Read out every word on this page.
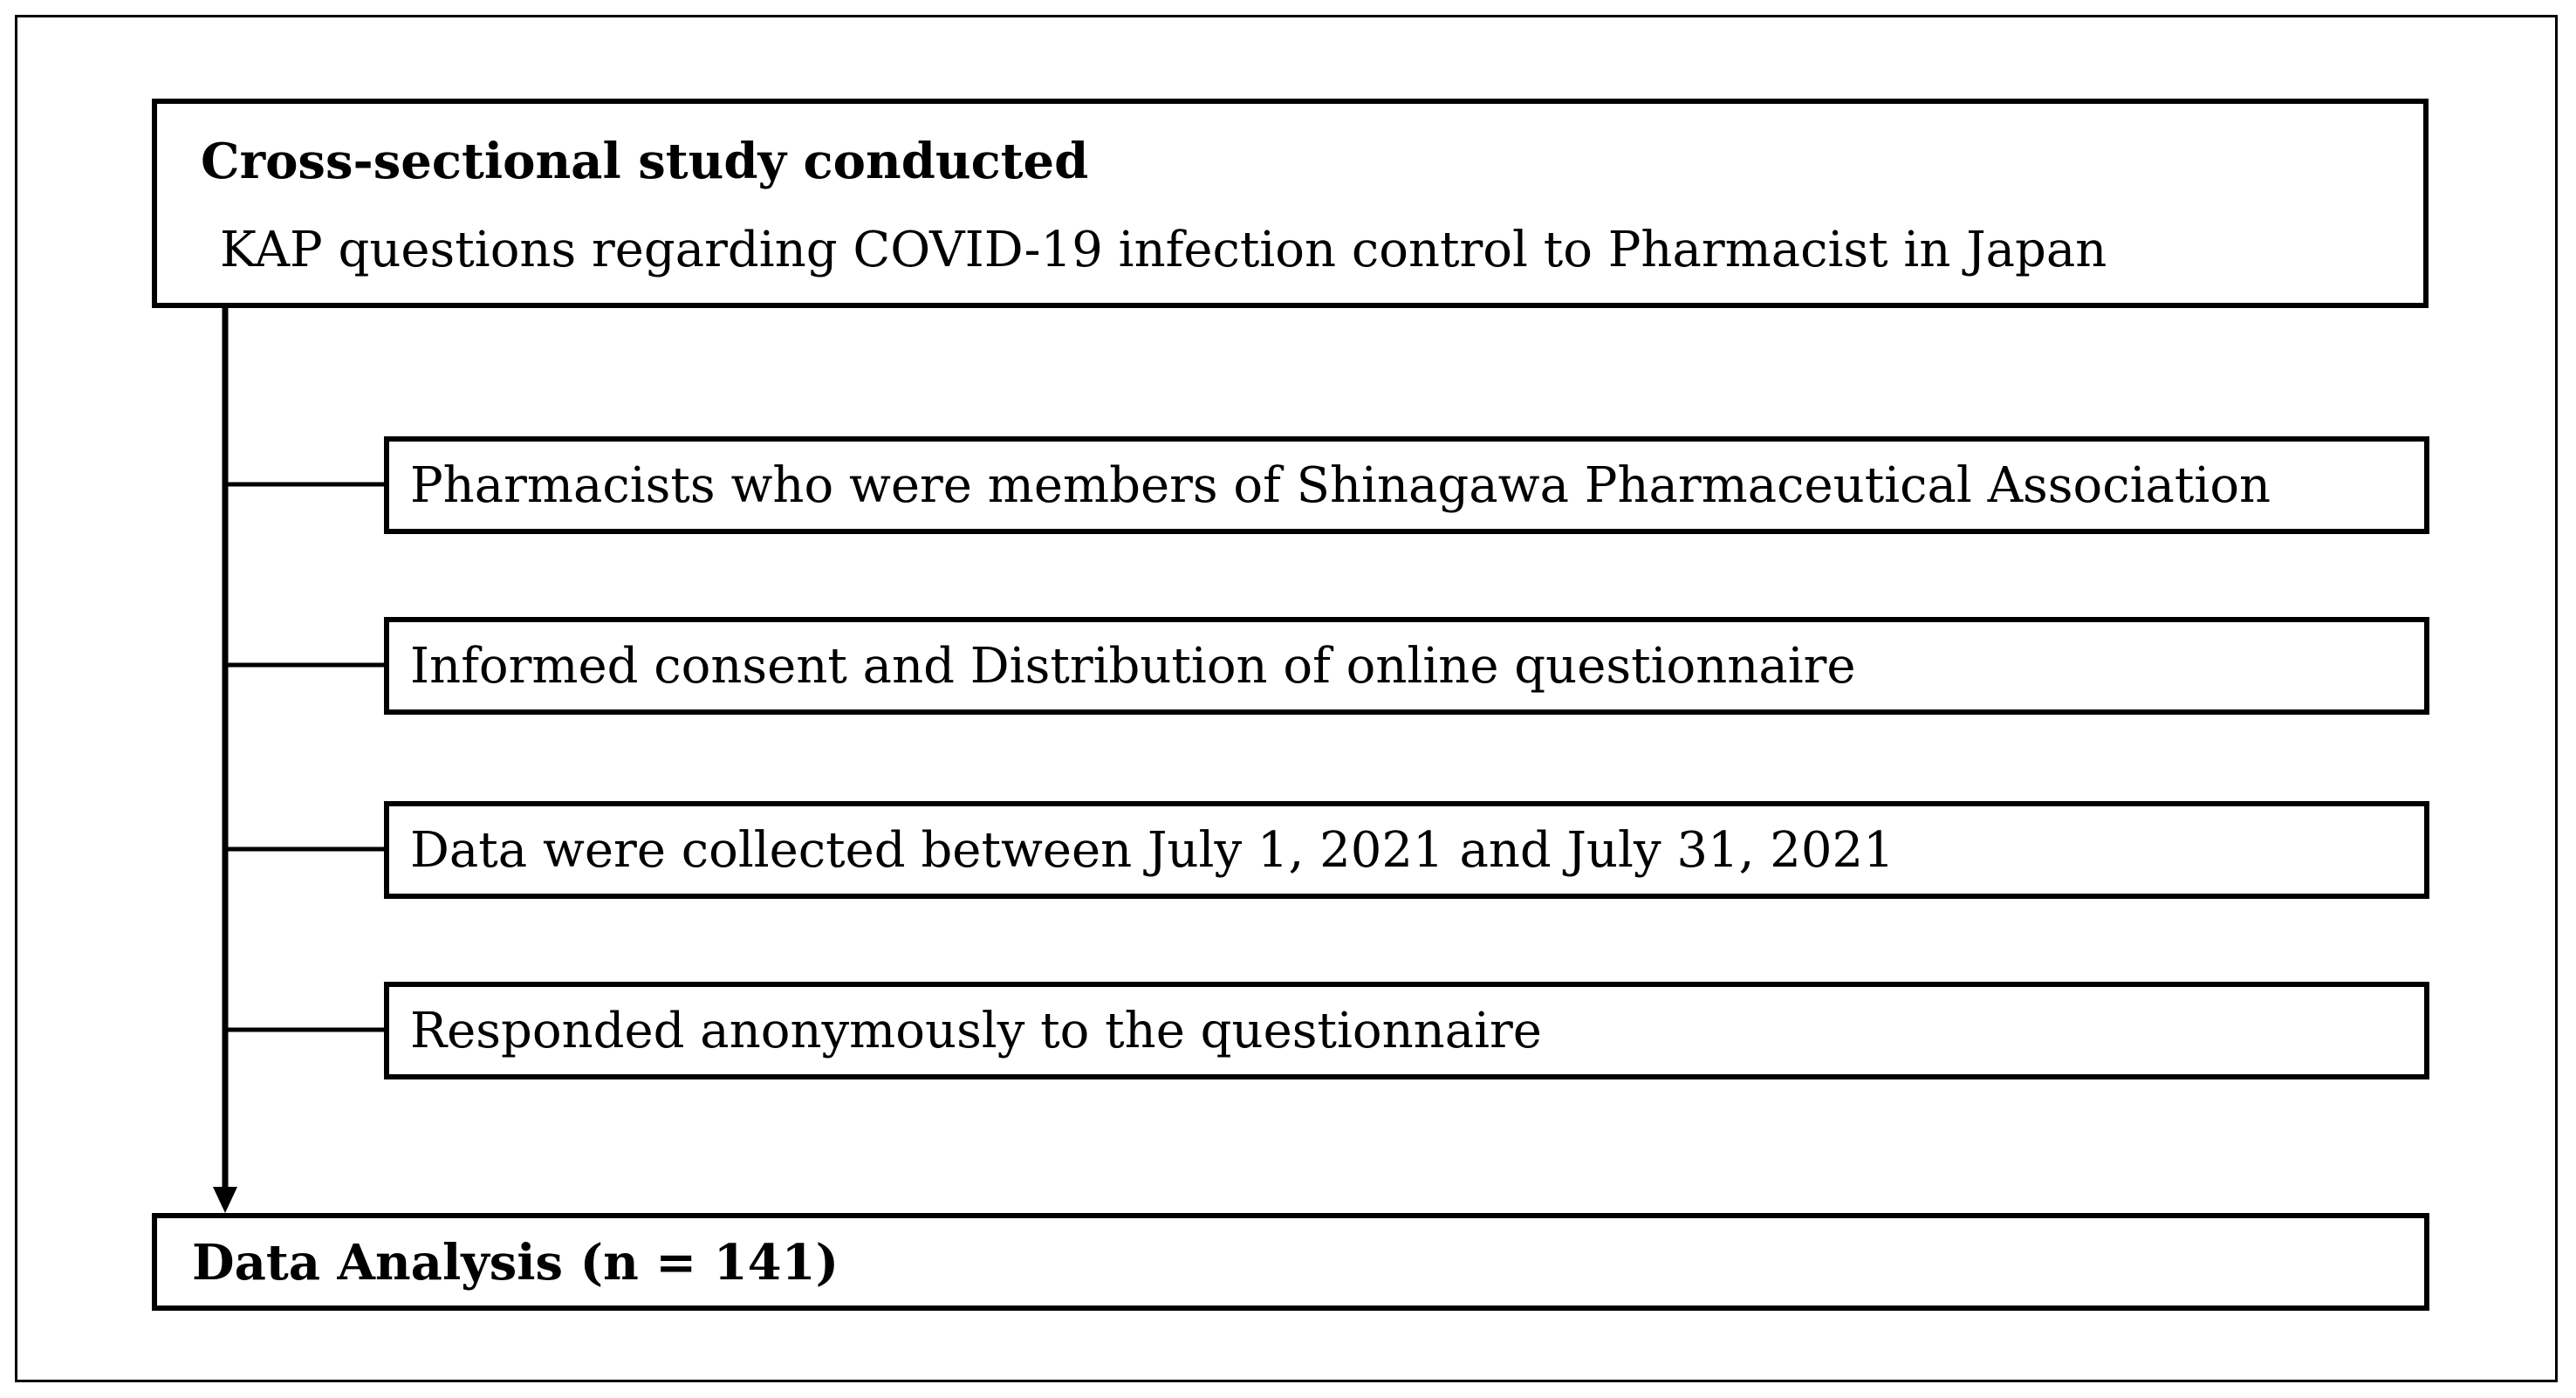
Cross-sectional study conducted
KAP questions regarding COVID-19 infection control to Pharmacist in Japan
Pharmacists who were members of Shinagawa Pharmaceutical Association
Informed consent and Distribution of online questionnaire
Data were collected between July 1, 2021 and July 31, 2021
Responded anonymously to the questionnaire
Data Analysis (n = 141)
